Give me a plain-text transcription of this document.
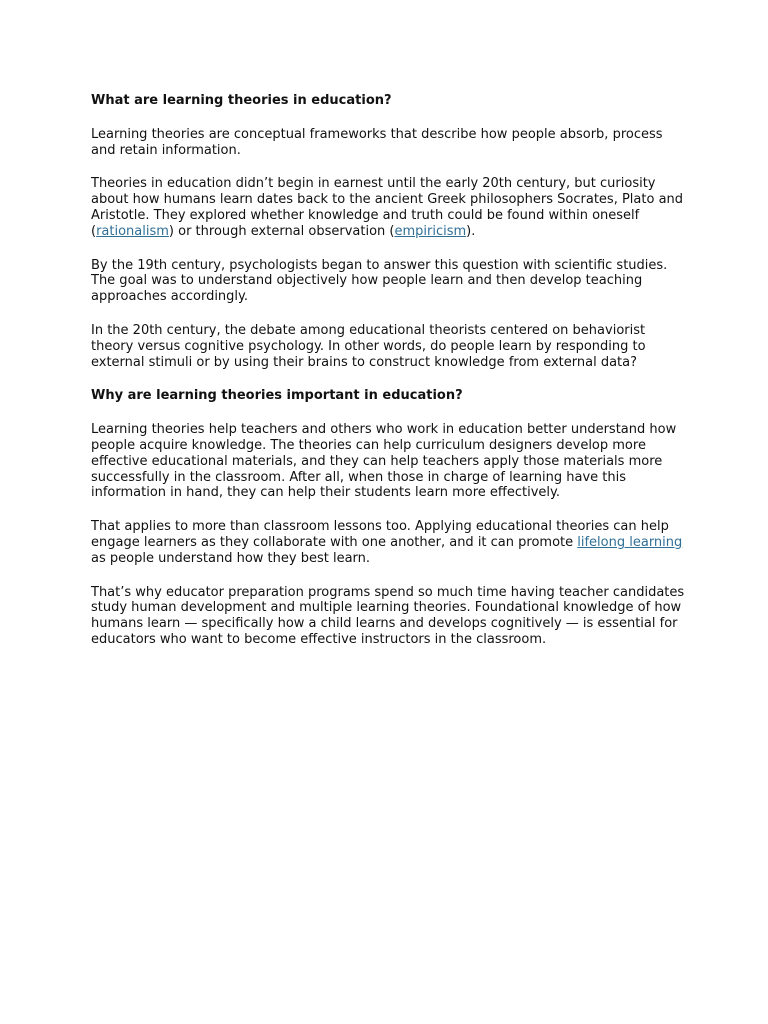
What are learning theories in education?

Learning theories are conceptual frameworks that describe how people absorb, process and retain information.

Theories in education didn’t begin in earnest until the early 20th century, but curiosity about how humans learn dates back to the ancient Greek philosophers Socrates, Plato and Aristotle. They explored whether knowledge and truth could be found within oneself (rationalism) or through external observation (empiricism).

By the 19th century, psychologists began to answer this question with scientific studies. The goal was to understand objectively how people learn and then develop teaching approaches accordingly.

In the 20th century, the debate among educational theorists centered on behaviorist theory versus cognitive psychology. In other words, do people learn by responding to external stimuli or by using their brains to construct knowledge from external data?

Why are learning theories important in education?

Learning theories help teachers and others who work in education better understand how people acquire knowledge. The theories can help curriculum designers develop more effective educational materials, and they can help teachers apply those materials more successfully in the classroom. After all, when those in charge of learning have this information in hand, they can help their students learn more effectively.

That applies to more than classroom lessons too. Applying educational theories can help engage learners as they collaborate with one another, and it can promote lifelong learning as people understand how they best learn.

That’s why educator preparation programs spend so much time having teacher candidates study human development and multiple learning theories. Foundational knowledge of how humans learn — specifically how a child learns and develops cognitively — is essential for educators who want to become effective instructors in the classroom.
